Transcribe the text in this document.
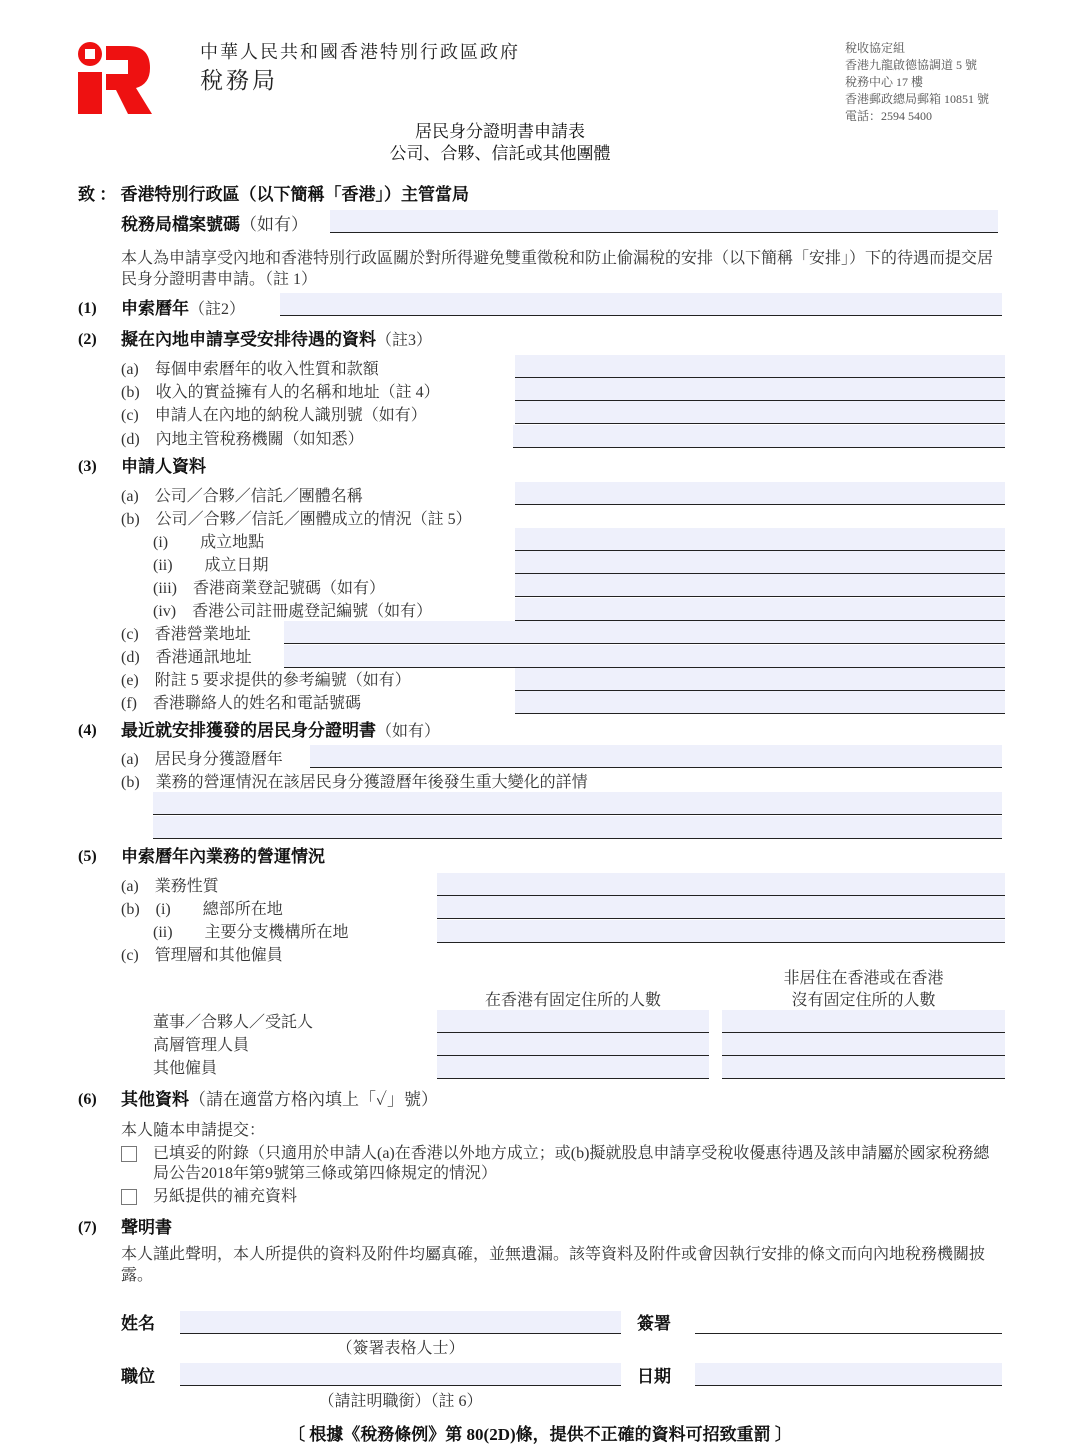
中華人民共和國香港特別行政區政府
稅務局
稅收協定組
香港九龍啟德協調道 5 號
稅務中心 17 樓
香港郵政總局郵箱 10851 號
電話：2594 5400
居民身分證明書申請表
公司、合夥、信託或其他團體
致 ： 香港特別行政區（以下簡稱「香港」）主管當局
稅務局檔案號碼（如有）
本人為申請享受內地和香港特別行政區關於對所得避免雙重徵稅和防止偷漏稅的安排（以下簡稱「安排」）下的待遇而提交居
民身分證明書申請。（註 1）
(1) 申索曆年（註2）
(2) 擬在內地申請享受安排待遇的資料（註3）
(a)　每個申索曆年的收入性質和款額
(b)　收入的實益擁有人的名稱和地址（註 4）
(c)　申請人在內地的納稅人識別號（如有）
(d)　內地主管稅務機關（如知悉）
(3) 申請人資料
(a)　公司／合夥／信託／團體名稱
(b)　公司／合夥／信託／團體成立的情況（註 5）
(i)　　成立地點
(ii)　　成立日期
(iii)　香港商業登記號碼（如有）
(iv)　香港公司註冊處登記編號（如有）
(c)　香港營業地址
(d)　香港通訊地址
(e)　附註 5 要求提供的參考編號（如有）
(f)　香港聯絡人的姓名和電話號碼
(4) 最近就安排獲發的居民身分證明書（如有）
(a)　居民身分獲證曆年
(b)　業務的營運情況在該居民身分獲證曆年後發生重大變化的詳情
(5) 申索曆年內業務的營運情況
(a)　業務性質
(b)　(i)　　總部所在地
(ii)　　主要分支機構所在地
(c)　管理層和其他僱員
在香港有固定住所的人數
非居住在香港或在香港
沒有固定住所的人數
董事／合夥人／受託人
高層管理人員
其他僱員
(6) 其他資料（請在適當方格內填上「✓」號）
本人隨本申請提交：
已填妥的附錄（只適用於申請人(a)在香港以外地方成立；或(b)擬就股息申請享受稅收優惠待遇及該申請屬於國家稅務總
局公告2018年第9號第三條或第四條規定的情況）
另紙提供的補充資料
(7) 聲明書
本人謹此聲明，本人所提供的資料及附件均屬真確，並無遺漏。該等資料及附件或會因執行安排的條文而向內地稅務機關披
露。
姓名	簽署
（簽署表格人士）
職位	日期
（請註明職銜）（註 6）
〔 根據《稅務條例》第 80(2D)條，提供不正確的資料可招致重罰 〕
